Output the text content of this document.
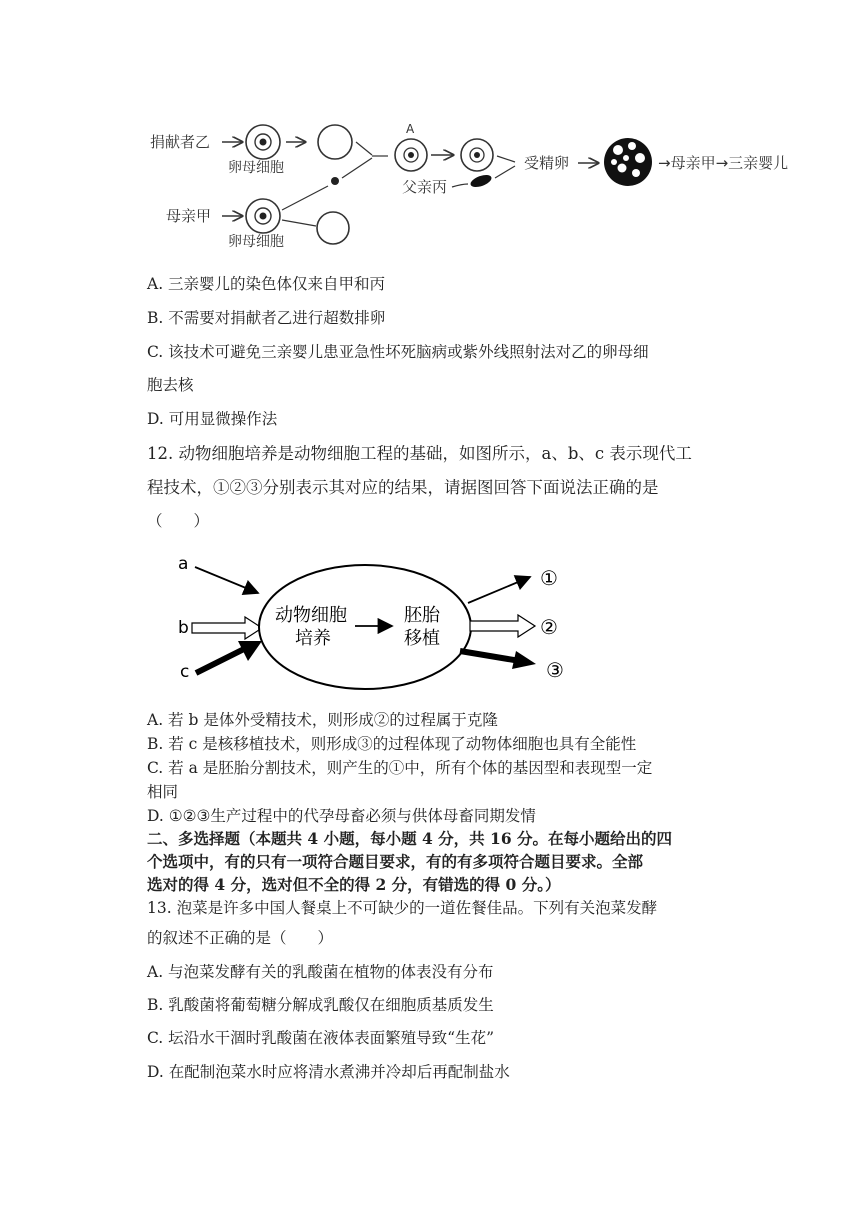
捐献者乙
卵母细胞
母亲甲
卵母细胞
A
父亲丙
受精卵	→母亲甲→三亲婴儿
A. 三亲婴儿的染色体仅来自甲和丙
B. 不需要对捐献者乙进行超数排卵
C. 该技术可避免三亲婴儿患亚急性坏死脑病或紫外线照射法对乙的卵母细
胞去核
D. 可用显微操作法
12. 动物细胞培养是动物细胞工程的基础，如图所示，a、b、c 表示现代工
程技术，①②③分别表示其对应的结果，请据图回答下面说法正确的是
（　　）
a
b
c
动物细胞
培养
胚胎
移植
①
②
③
A. 若 b 是体外受精技术，则形成②的过程属于克隆
B. 若 c 是核移植技术，则形成③的过程体现了动物体细胞也具有全能性
C. 若 a 是胚胎分割技术，则产生的①中，所有个体的基因型和表现型一定
相同
D. ①②③生产过程中的代孕母畜必须与供体母畜同期发情
二、多选择题（本题共 4 小题，每小题 4 分，共 16 分。在每小题给出的四
个选项中，有的只有一项符合题目要求，有的有多项符合题目要求。全部
选对的得 4 分，选对但不全的得 2 分，有错选的得 0 分。）
13. 泡菜是许多中国人餐桌上不可缺少的一道佐餐佳品。下列有关泡菜发酵
的叙述不正确的是（　　）
A. 与泡菜发酵有关的乳酸菌在植物的体表没有分布
B. 乳酸菌将葡萄糖分解成乳酸仅在细胞质基质发生
C. 坛沿水干涸时乳酸菌在液体表面繁殖导致“生花”
D. 在配制泡菜水时应将清水煮沸并冷却后再配制盐水
